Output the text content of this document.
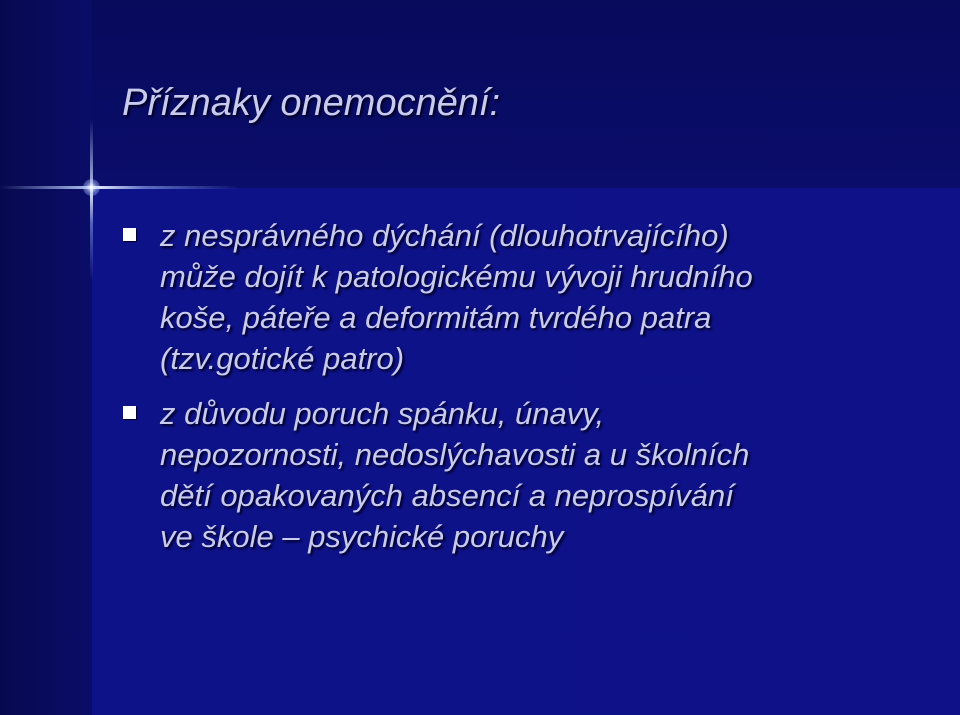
Příznaky onemocnění:
z nesprávného dýchání (dlouhotrvajícího)
může dojít k patologickému vývoji hrudního
koše, páteře a deformitám tvrdého patra
(tzv.gotické patro)
z důvodu poruch spánku, únavy,
nepozornosti, nedoslýchavosti a u školních
dětí opakovaných absencí a neprospívání
ve škole – psychické poruchy
